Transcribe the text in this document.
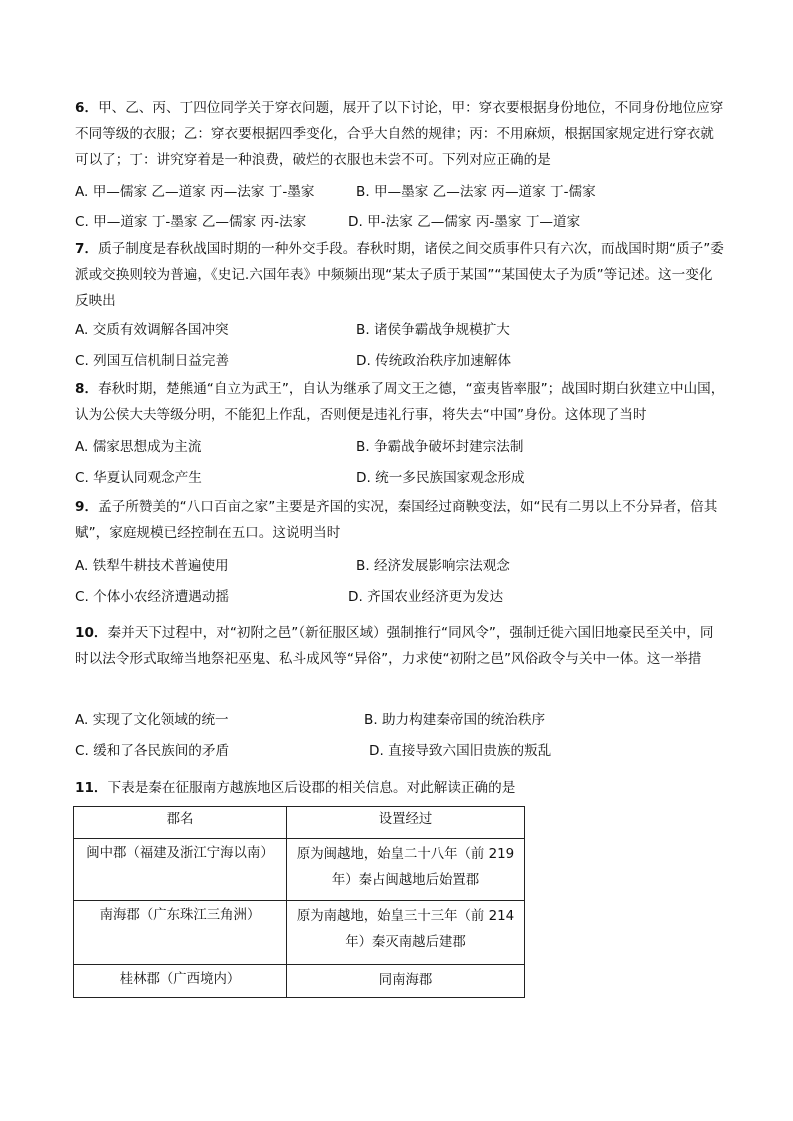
6．甲、乙、丙、丁四位同学关于穿衣问题，展开了以下讨论，甲：穿衣要根据身份地位，不同身份地位应穿不同等级的衣服；乙：穿衣要根据四季变化，合乎大自然的规律；丙：不用麻烦，根据国家规定进行穿衣就可以了；丁：讲究穿着是一种浪费，破烂的衣服也未尝不可。下列对应正确的是
A. 甲—儒家 乙—道家 丙—法家 丁-墨家	B. 甲—墨家 乙—法家 丙—道家 丁-儒家
C. 甲—道家 丁-墨家 乙—儒家 丙-法家	D. 甲-法家 乙—儒家 丙-墨家 丁—道家
7．质子制度是春秋战国时期的一种外交手段。春秋时期，诸侯之间交质事件只有六次，而战国时期“质子”委派或交换则较为普遍，《史记.六国年表》中频频出现“某太子质于某国”“某国使太子为质”等记述。这一变化反映出
A. 交质有效调解各国冲突	B. 诸侯争霸战争规模扩大
C. 列国互信机制日益完善	D. 传统政治秩序加速解体
8．春秋时期，楚熊通“自立为武王”，自认为继承了周文王之德，“蛮夷皆率服”；战国时期白狄建立中山国，认为公侯大夫等级分明，不能犯上作乱，否则便是违礼行事，将失去“中国”身份。这体现了当时
A. 儒家思想成为主流	B. 争霸战争破坏封建宗法制
C. 华夏认同观念产生	D. 统一多民族国家观念形成
9．孟子所赞美的“八口百亩之家”主要是齐国的实况，秦国经过商鞅变法，如“民有二男以上不分异者，倍其赋”，家庭规模已经控制在五口。这说明当时
A. 铁犁牛耕技术普遍使用	B. 经济发展影响宗法观念
C. 个体小农经济遭遇动摇	D. 齐国农业经济更为发达
10．秦并天下过程中，对“初附之邑”（新征服区域）强制推行“同风令”，强制迁徙六国旧地豪民至关中，同时以法令形式取缔当地祭祀巫鬼、私斗成风等“异俗”，力求使“初附之邑”风俗政令与关中一体。这一举措
A. 实现了文化领域的统一	B. 助力构建秦帝国的统治秩序
C. 缓和了各民族间的矛盾	D. 直接导致六国旧贵族的叛乱
11．下表是秦在征服南方越族地区后设郡的相关信息。对此解读正确的是
郡名	设置经过
闽中郡（福建及浙江宁海以南）	原为闽越地，始皇二十八年（前 219 年）秦占闽越地后始置郡
南海郡（广东珠江三角洲）	原为南越地，始皇三十三年（前 214 年）秦灭南越后建郡
桂林郡（广西境内）	同南海郡
